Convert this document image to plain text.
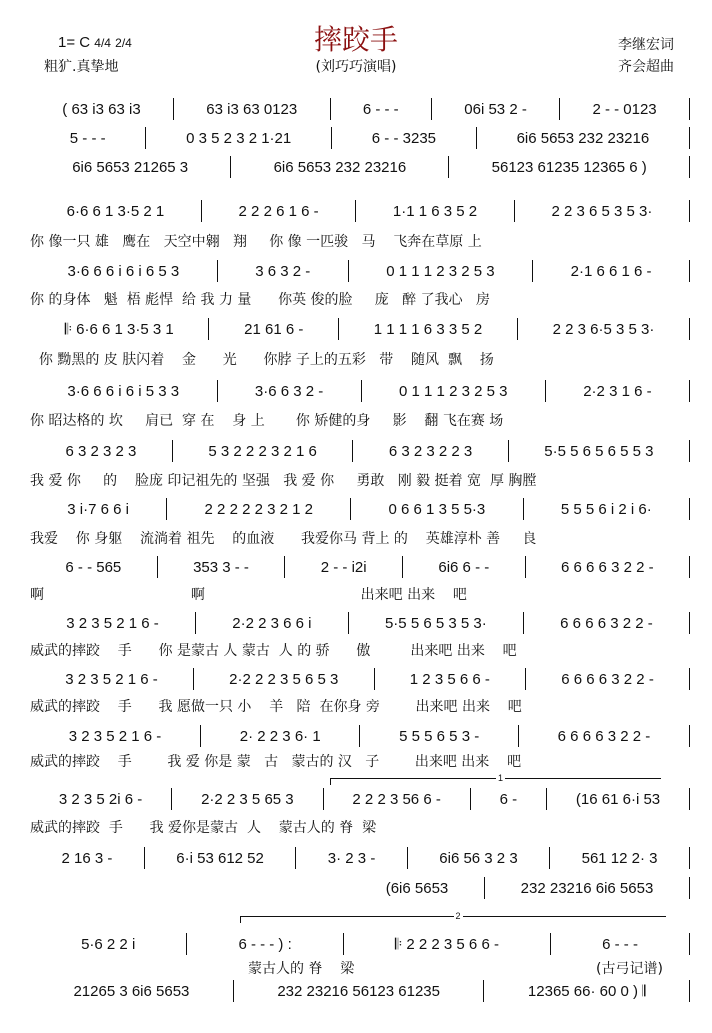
摔跤手
(刘巧巧演唱)
1= C 4/4 2/4
粗犷.真挚地
李继宏词
齐会超曲
( 63 i3 63 i3	63 i3 63 0123	6 - - -	06i 53 2 -	2 - - 0123
5 - - -	0 3 5 2 3 2 1·21	6 - - 3235	6i6 5653 232 23216
6i6 5653 21265 3	6i6 5653 232 23216	56123 61235 12365 6 )
6·6 6 1 3·5 2 1	2 2 2 6 1 6 -	1·1 1 6 3 5 2	2 2 3 6 5 3 5 3·
你 像一只 雄   鹰在   天空中翱   翔     你 像 一匹骏   马    飞奔在草原 上
3·6 6 6 i 6 i 6 5 3	3 6 3 2 -	0 1 1 1 2 3 2 5 3	2·1 6 6 1 6 -
你 的身体   魁  梧 彪悍  给 我 力 量      你英 俊的脸     庞   醉 了我心   房
𝄆 6·6 6 1 3·5 3 1	21 61 6 -	1 1 1 1 6 3 3 5 2	2 2 3 6·5 3 5 3·
你 黝黑的 皮 肤闪着    金      光      你脖 子上的五彩   带    随风  飘    扬
3·6 6 6 i 6 i 5 3 3	3·6 6 3 2 -	0 1 1 1 2 3 2 5 3	2·2 3 1 6 -
你 昭达格的 坎     肩已  穿 在    身 上       你 矫健的身     影    翻 飞在赛 场
6 3 2 3 2 3	5 3 2 2 2 3 2 1 6	6 3 2 3 2 2 3	5·5 5 6 5 6 5 5 3
我 爱 你     的    脸庞 印记祖先的 坚强   我 爱 你     勇敢   刚 毅 挺着 宽  厚 胸膛
3 i·7 6 6 i	2 2 2 2 2 3 2 1 2	0 6 6 1 3 5 5·3	5 5 5 6 i 2 i 6·
我爱    你 身躯    流淌着 祖先    的血液      我爱你马 背上 的    英雄淳朴 善     良
6 - - 565	353 3 - -	2 - - i2i	6i6 6 - -	6 6 6 6 3 2 2 -
啊                                 啊                                   出来吧 出来    吧
3 2 3 5 2 1 6 -	2·2 2 3 6 6 i	5·5 5 6 5 3 5 3·	6 6 6 6 3 2 2 -
威武的摔跤    手      你 是蒙古 人 蒙古  人 的 骄      傲         出来吧 出来    吧
3 2 3 5 2 1 6 -	2·2 2 2 3 5 6 5 3	1 2 3 5 6 6 -	6 6 6 6 3 2 2 -
威武的摔跤    手      我 愿做一只 小    羊   陪  在你身 旁        出来吧 出来    吧
3 2 3 5 2 1 6 -	2· 2 2 3 6· 1	5 5 5 6 5 3 -	6 6 6 6 3 2 2 -
威武的摔跤    手        我 爱 你是 蒙   古   蒙古的 汉   子        出来吧 出来    吧
3 2 3 5 2i 6 -	2·2 2 3 5 65 3	2 2 2 3 56 6 -	6 -	(16 61 6·i 53
威武的摔跤  手      我 爱你是蒙古  人    蒙古人的 脊  梁
2 16 3 -	6·i 53 612 52	3· 2 3 -	6i6 56 3 2 3	561 12 2· 3
(6i6 5653	232 23216 6i6 5653
5·6 2 2 i	6 - - - ) :	𝄆 2 2 2 3 5 6 6 -	6 - - -
蒙古人的 脊    梁	(古弓记谱)
21265 3 6i6 5653	232 23216 56123 61235	12365 66· 60 0 ) 𝄂
1
2
